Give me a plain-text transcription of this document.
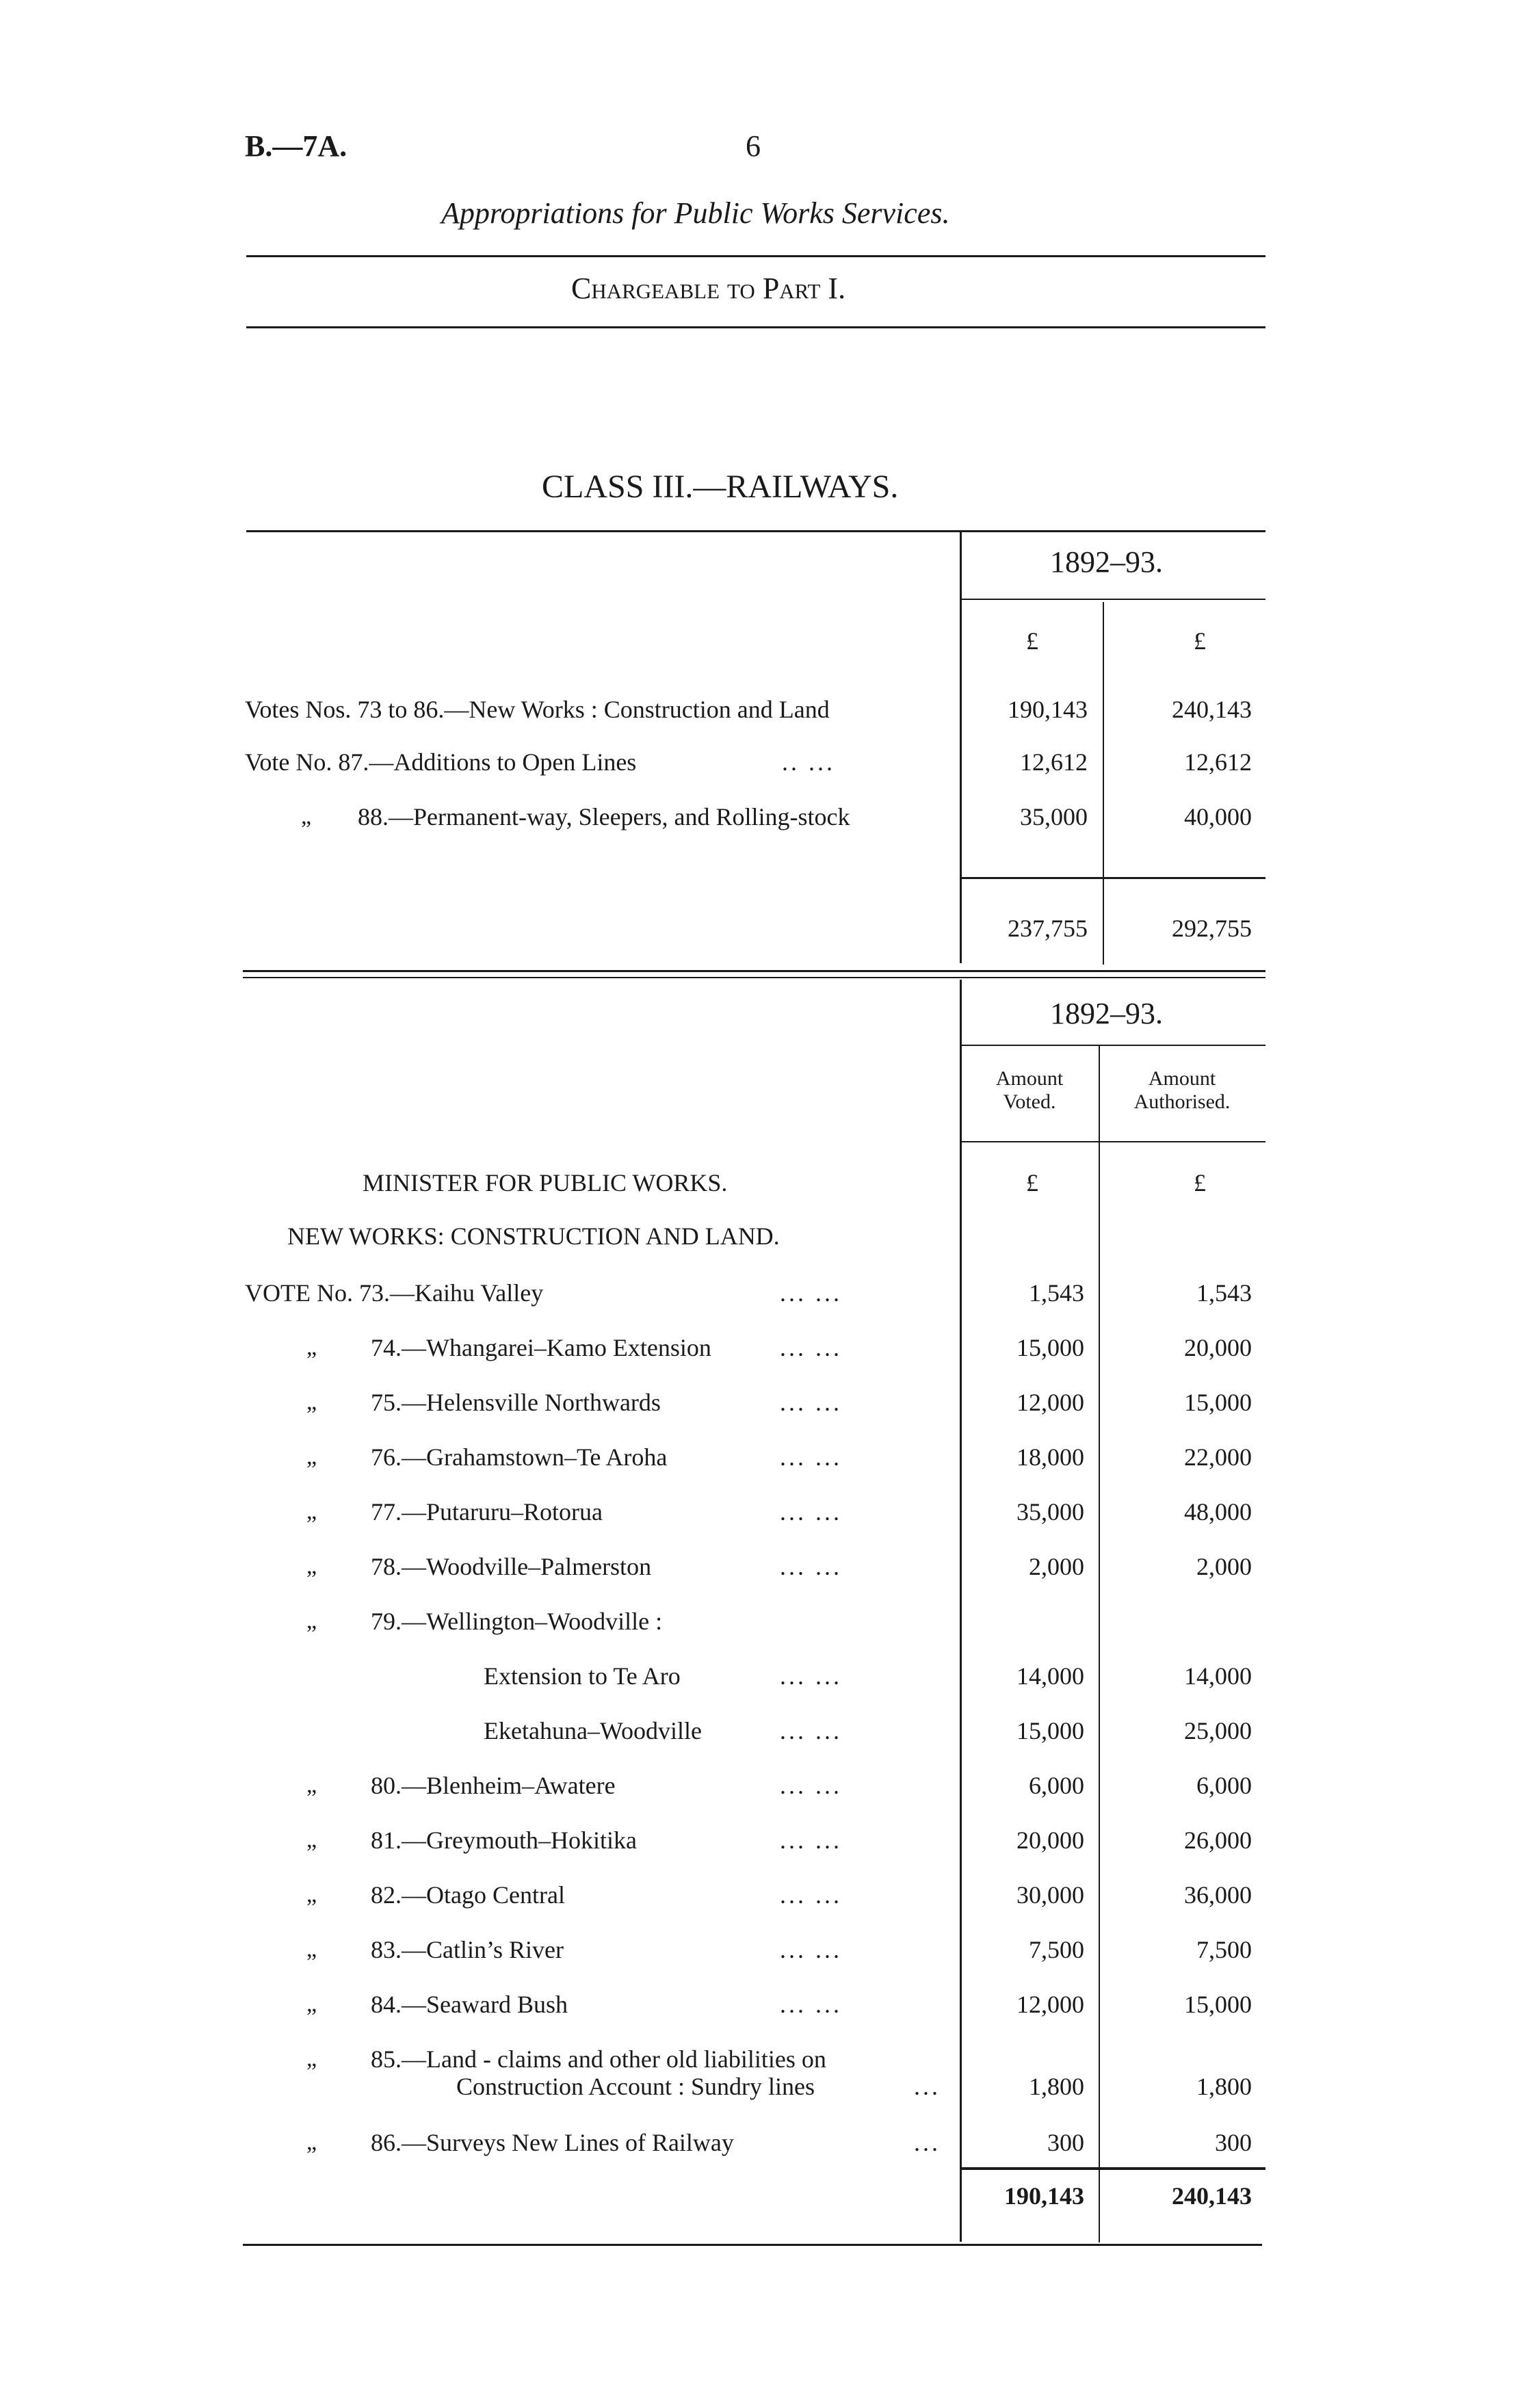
B.—7A.	6
Appropriations for Public Works Services.
Chargeable to Part I.
CLASS III.—RAILWAYS.
1892–93.
£	£
Votes Nos. 73 to 86.—New Works : Construction and Land	190,143	240,143
Vote No. 87.—Additions to Open Lines	.. ...	12,612	12,612
„ 88.—Permanent-way, Sleepers, and Rolling-stock	35,000	40,000
237,755	292,755
1892–93.
Amount
Voted.
Amount
Authorised.
MINISTER FOR PUBLIC WORKS.	£	£
NEW WORKS: CONSTRUCTION AND LAND.
VOTE No. 73.—Kaihu Valley	... ...	1,543	1,543
„ 74.—Whangarei–Kamo Extension	... ...	15,000	20,000
„ 75.—Helensville Northwards	... ...	12,000	15,000
„ 76.—Grahamstown–Te Aroha	... ...	18,000	22,000
„ 77.—Putaruru–Rotorua	... ...	35,000	48,000
„ 78.—Woodville–Palmerston	... ...	2,000	2,000
„ 79.—Wellington–Woodville :
Extension to Te Aro	... ...	14,000	14,000
Eketahuna–Woodville	... ...	15,000	25,000
„ 80.—Blenheim–Awatere	... ...	6,000	6,000
„ 81.—Greymouth–Hokitika	... ...	20,000	26,000
„ 82.—Otago Central	... ...	30,000	36,000
„ 83.—Catlin’s River	... ...	7,500	7,500
„ 84.—Seaward Bush	... ...	12,000	15,000
„ 85.—Land - claims and other old liabilities on
Construction Account : Sundry lines	...	1,800	1,800
„ 86.—Surveys New Lines of Railway	...	300	300
190,143	240,143
